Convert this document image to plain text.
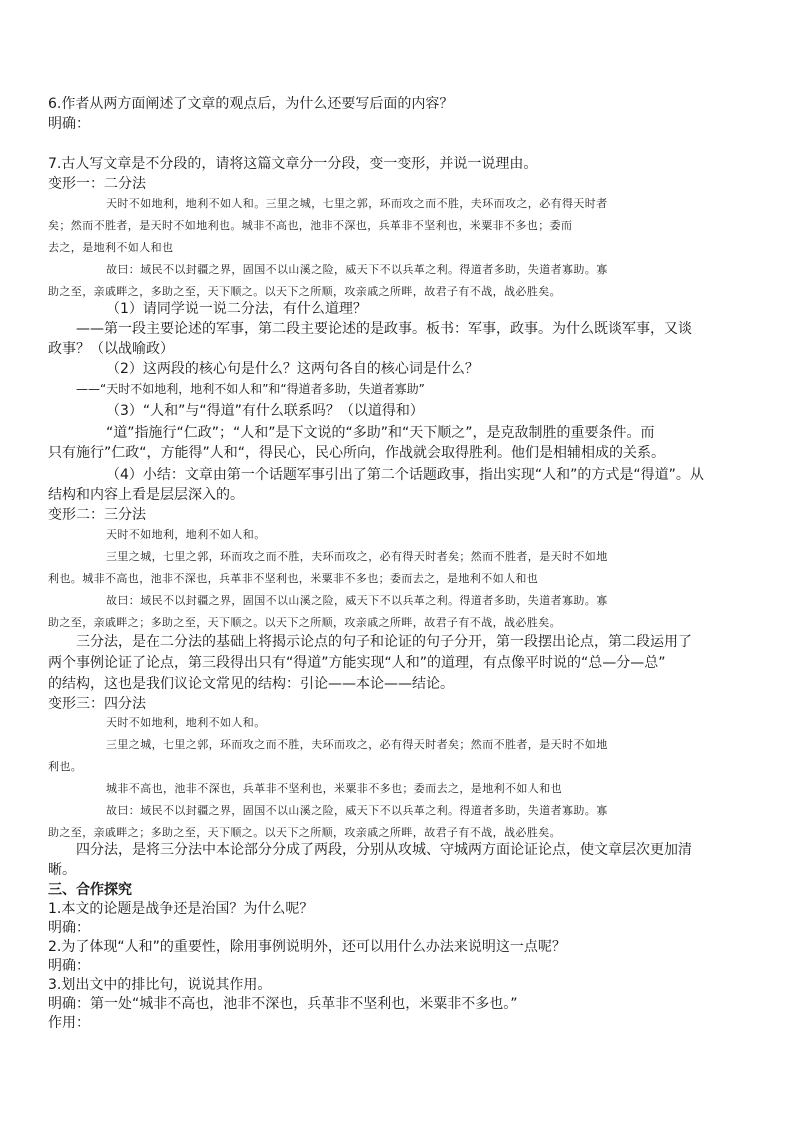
6.作者从两方面阐述了文章的观点后，为什么还要写后面的内容？
明确：
7.古人写文章是不分段的，请将这篇文章分一分段，变一变形，并说一说理由。
变形一：二分法
天时不如地利，地利不如人和。三里之城，七里之郭，环而攻之而不胜，夫环而攻之，必有得天时者
矣；然而不胜者，是天时不如地利也。城非不高也，池非不深也，兵革非不坚利也，米粟非不多也；委而
去之，是地利不如人和也
故曰：域民不以封疆之界，固国不以山溪之险，威天下不以兵革之利。得道者多助，失道者寡助。寡
助之至，亲戚畔之，多助之至，天下顺之。以天下之所顺，攻亲戚之所畔，故君子有不战，战必胜矣。
（1）请同学说一说二分法，有什么道理？
——第一段主要论述的军事，第二段主要论述的是政事。板书：军事，政事。为什么既谈军事，又谈
政事？（以战喻政）
（2）这两段的核心句是什么？这两句各自的核心词是什么？
——“天时不如地利，地利不如人和”和“得道者多助，失道者寡助”
（3）“人和”与“得道”有什么联系吗？（以道得和）
“道”指施行“仁政”；“人和”是下文说的“多助”和“天下顺之”，是克敌制胜的重要条件。而
只有施行”仁政“，方能得”人和“，得民心，民心所向，作战就会取得胜利。他们是相辅相成的关系。
（4）小结：文章由第一个话题军事引出了第二个话题政事，指出实现“人和”的方式是“得道”。从
结构和内容上看是层层深入的。
变形二：三分法
天时不如地利，地利不如人和。
三里之城，七里之郭，环而攻之而不胜，夫环而攻之，必有得天时者矣；然而不胜者，是天时不如地
利也。城非不高也，池非不深也，兵革非不坚利也，米粟非不多也；委而去之，是地利不如人和也
故曰：域民不以封疆之界，固国不以山溪之险，威天下不以兵革之利。得道者多助，失道者寡助。寡
助之至，亲戚畔之；多助之至，天下顺之。以天下之所顺，攻亲戚之所畔，故君子有不战，战必胜矣。
三分法，是在二分法的基础上将揭示论点的句子和论证的句子分开，第一段摆出论点，第二段运用了
两个事例论证了论点，第三段得出只有“得道”方能实现“人和”的道理，有点像平时说的“总—分—总”
的结构，这也是我们议论文常见的结构：引论——本论——结论。
变形三：四分法
天时不如地利，地利不如人和。
三里之城，七里之郭，环而攻之而不胜，夫环而攻之，必有得天时者矣；然而不胜者，是天时不如地
利也。
城非不高也，池非不深也，兵革非不坚利也，米粟非不多也；委而去之，是地利不如人和也
故曰：域民不以封疆之界，固国不以山溪之险，威天下不以兵革之利。得道者多助，失道者寡助。寡
助之至，亲戚畔之；多助之至，天下顺之。以天下之所顺，攻亲戚之所畔，故君子有不战，战必胜矣。
四分法，是将三分法中本论部分分成了两段，分别从攻城、守城两方面论证论点，使文章层次更加清
晰。
三、合作探究
1.本文的论题是战争还是治国？为什么呢？
明确：
2.为了体现“人和”的重要性，除用事例说明外，还可以用什么办法来说明这一点呢？
明确：
3.划出文中的排比句，说说其作用。
明确：第一处“城非不高也，池非不深也，兵革非不坚利也，米粟非不多也。”
作用：
